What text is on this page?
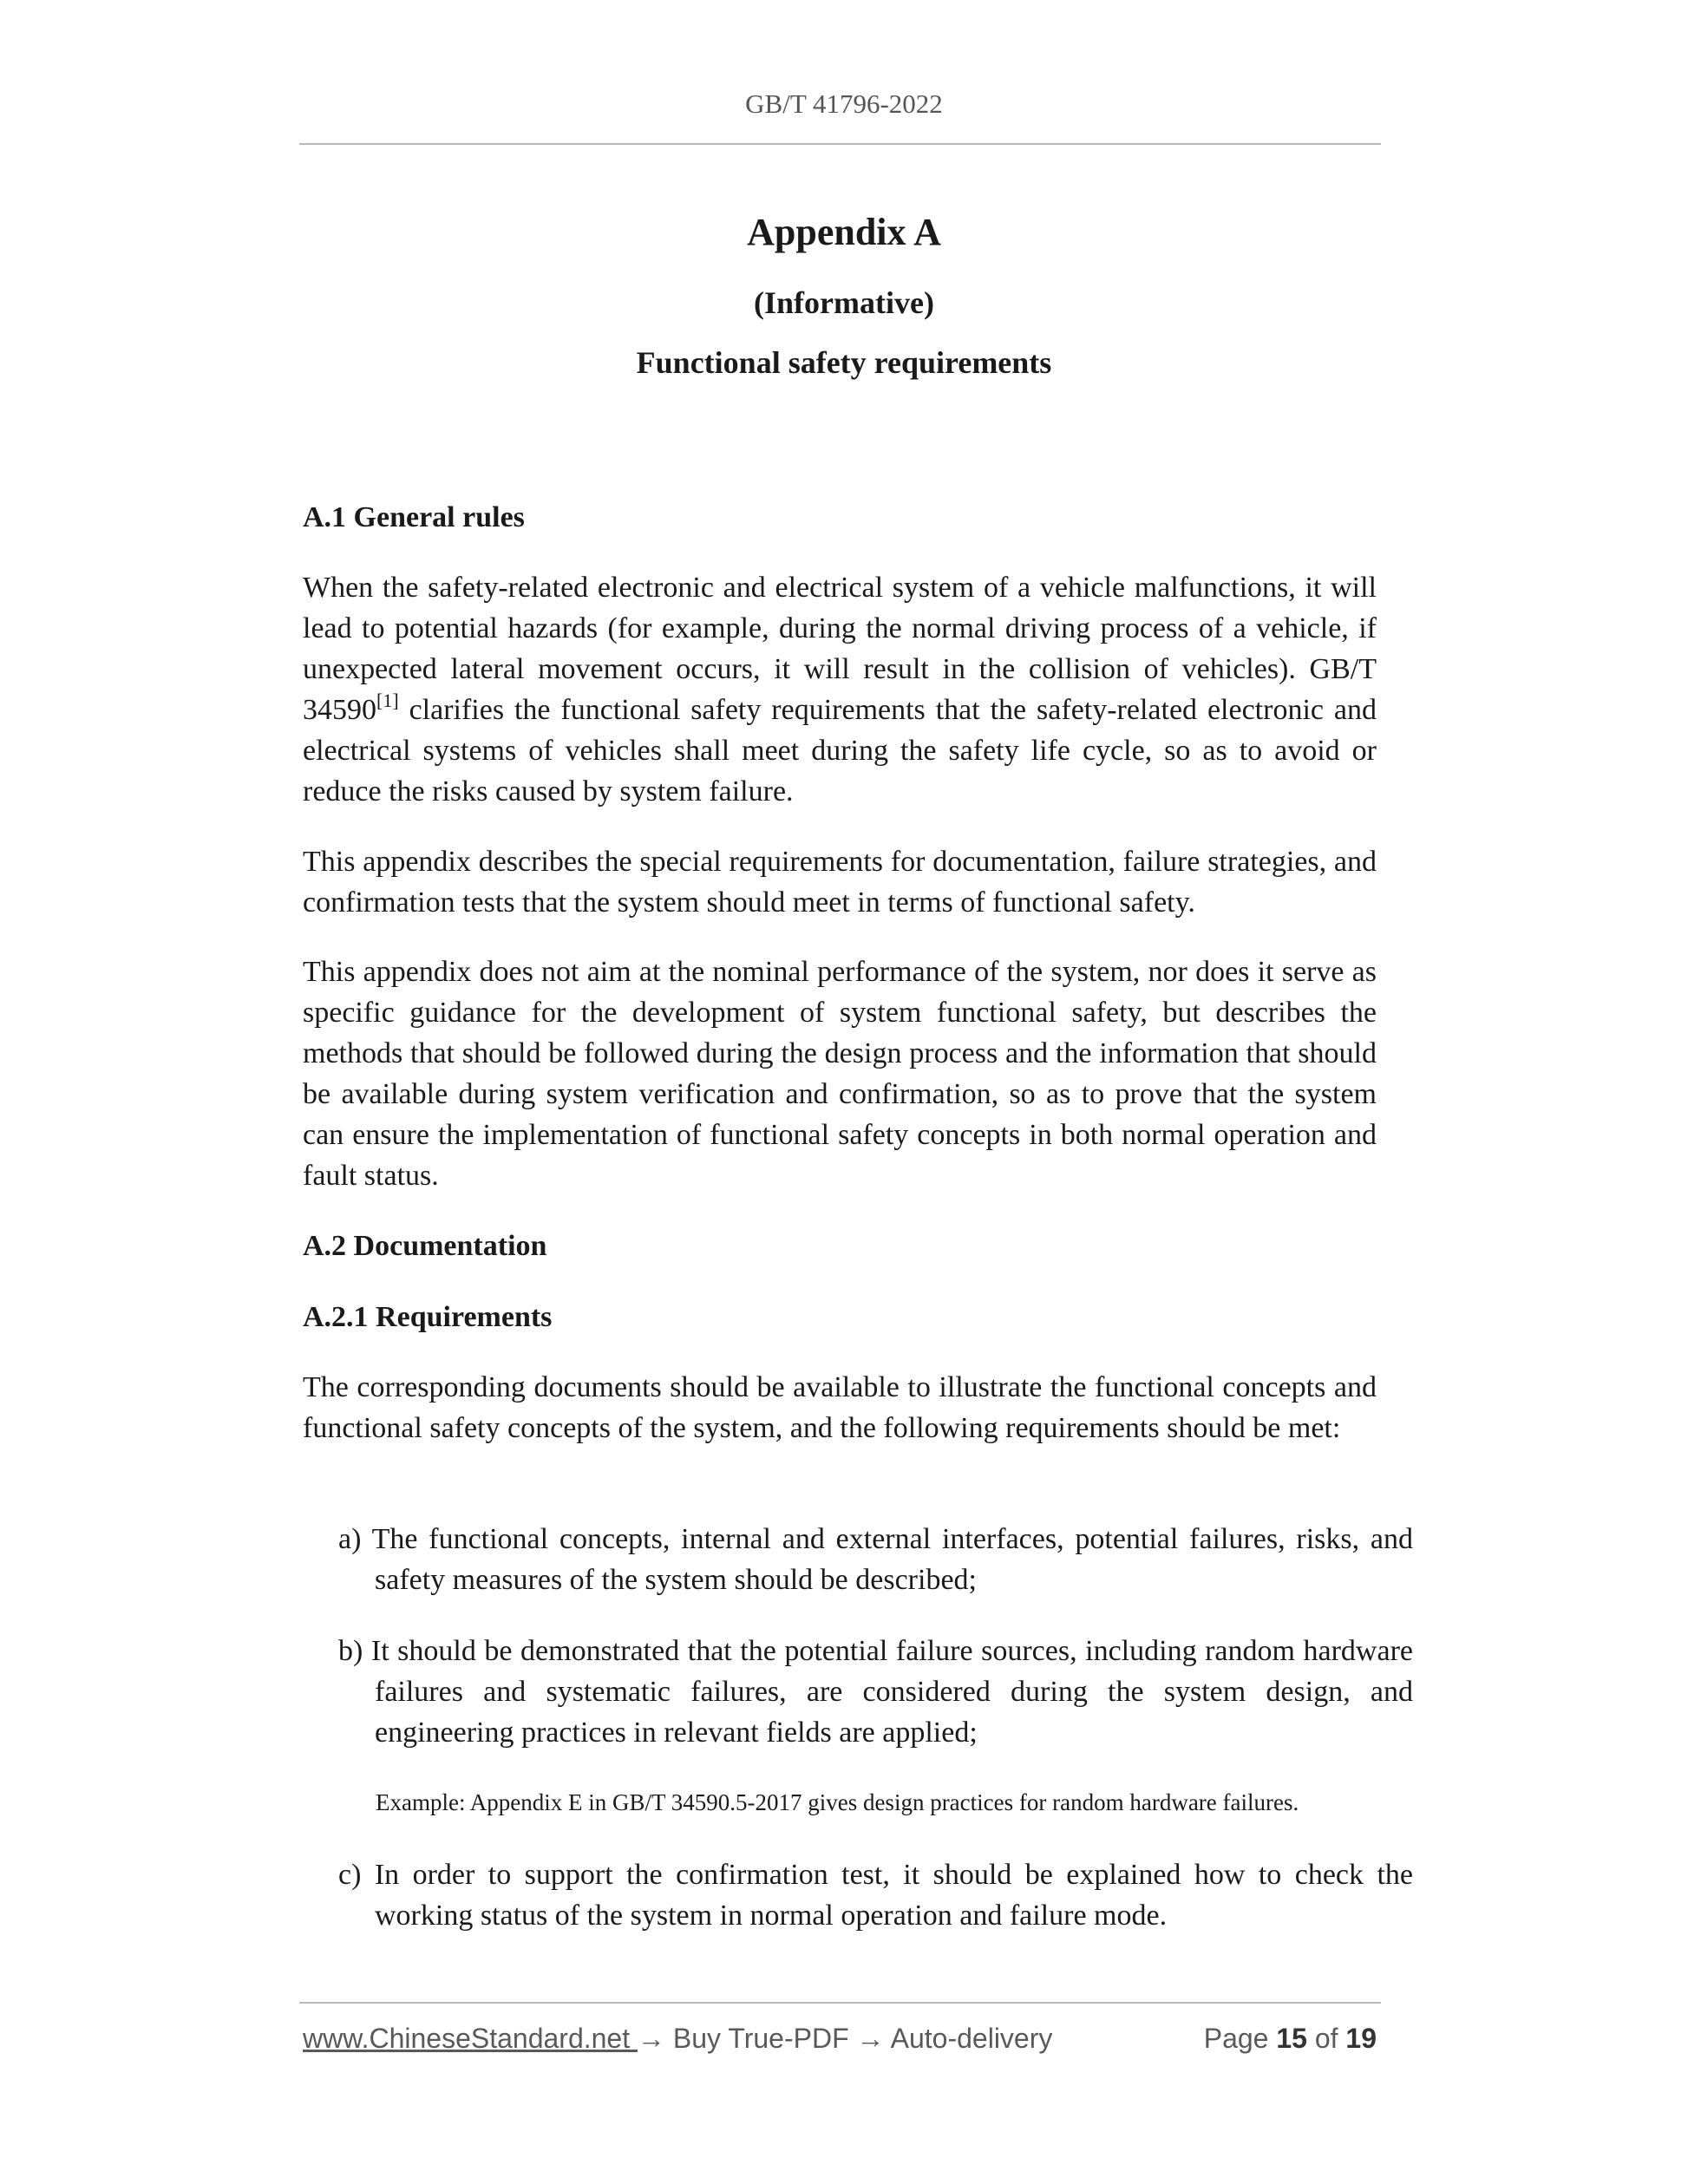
GB/T 41796-2022
Appendix A
(Informative)
Functional safety requirements
A.1 General rules
When the safety-related electronic and electrical system of a vehicle malfunctions, it will lead to potential hazards (for example, during the normal driving process of a vehicle, if unexpected lateral movement occurs, it will result in the collision of vehicles). GB/T 34590[1] clarifies the functional safety requirements that the safety-related electronic and electrical systems of vehicles shall meet during the safety life cycle, so as to avoid or reduce the risks caused by system failure.
This appendix describes the special requirements for documentation, failure strategies, and confirmation tests that the system should meet in terms of functional safety.
This appendix does not aim at the nominal performance of the system, nor does it serve as specific guidance for the development of system functional safety, but describes the methods that should be followed during the design process and the information that should be available during system verification and confirmation, so as to prove that the system can ensure the implementation of functional safety concepts in both normal operation and fault status.
A.2 Documentation
A.2.1 Requirements
The corresponding documents should be available to illustrate the functional concepts and functional safety concepts of the system, and the following requirements should be met:
a) The functional concepts, internal and external interfaces, potential failures, risks, and safety measures of the system should be described;
b) It should be demonstrated that the potential failure sources, including random hardware failures and systematic failures, are considered during the system design, and engineering practices in relevant fields are applied;
Example: Appendix E in GB/T 34590.5-2017 gives design practices for random hardware failures.
c) In order to support the confirmation test, it should be explained how to check the working status of the system in normal operation and failure mode.
www.ChineseStandard.net → Buy True-PDF → Auto-delivery	Page 15 of 19
